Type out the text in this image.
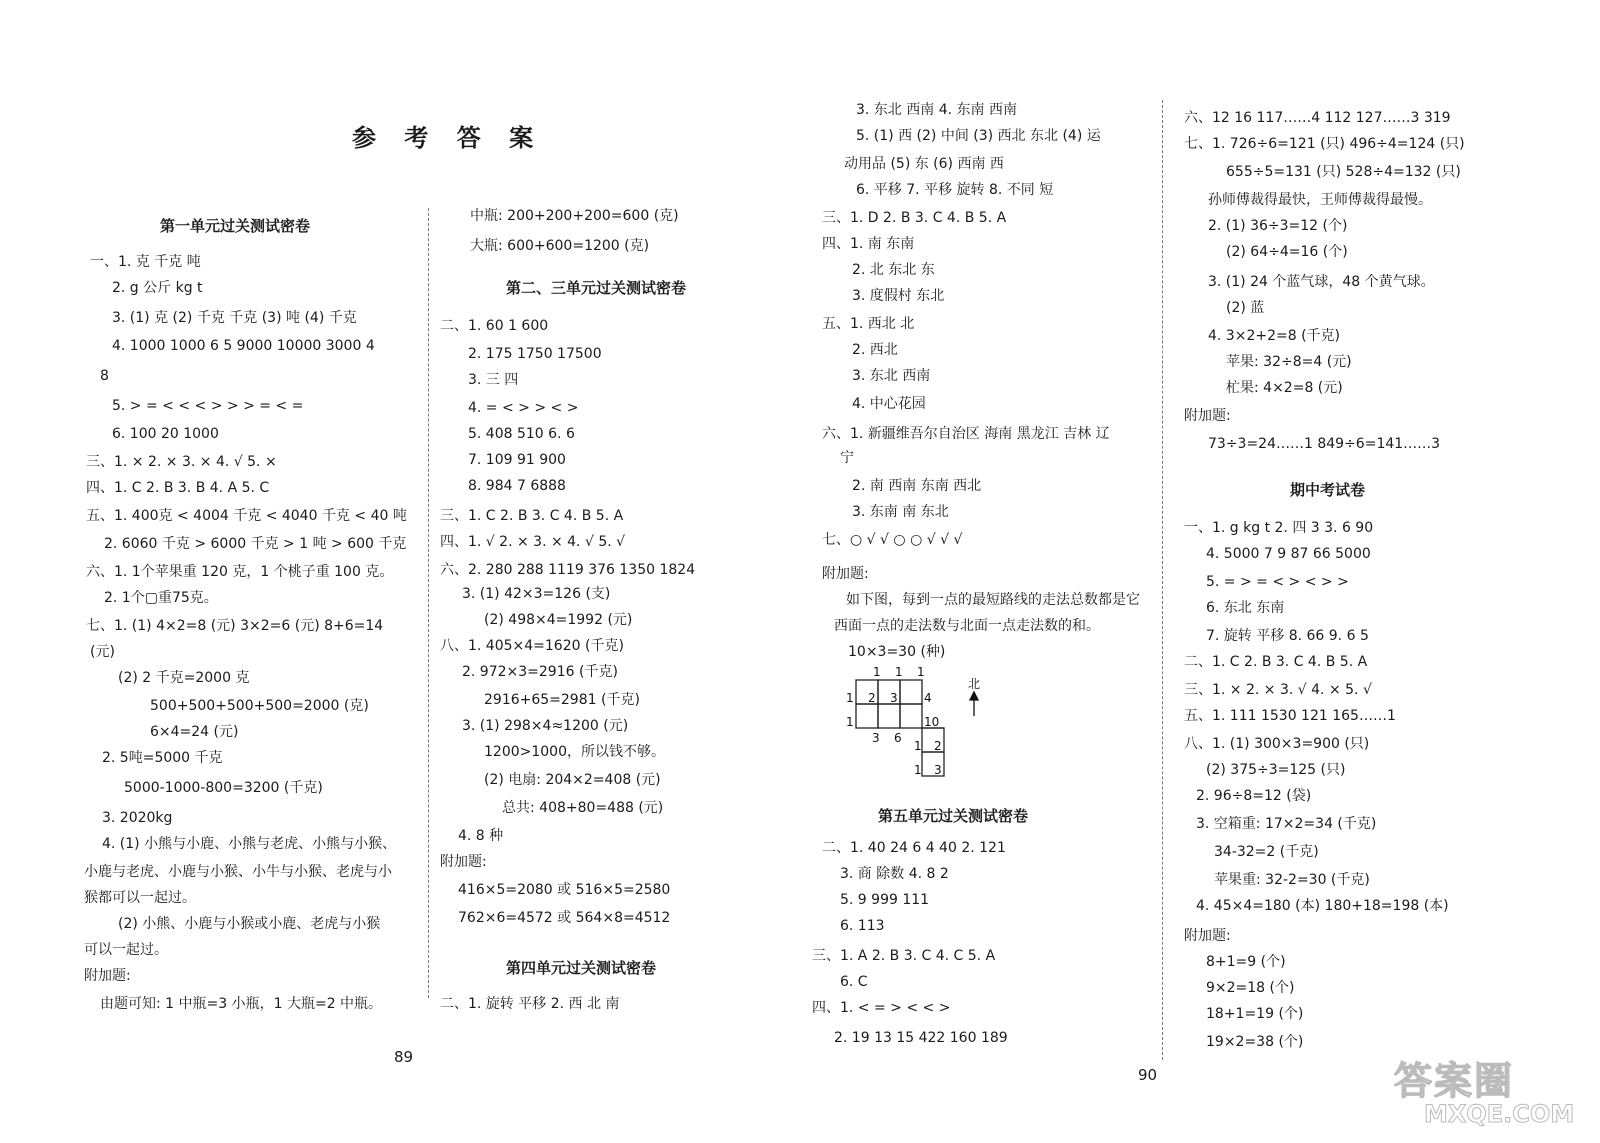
参 考 答 案
第一单元过关测试密卷
一、1. 克 千克 吨
2. g 公斤 kg t
3. (1) 克 (2) 千克 千克 (3) 吨 (4) 千克
4. 1000 1000 6 5 9000 10000 3000 4
8
5. > = < < < > > > = < =
6. 100 20 1000
三、1. × 2. × 3. × 4. √ 5. ×
四、1. C 2. B 3. B 4. A 5. C
五、1. 400克 < 4004 千克 < 4040 千克 < 40 吨
2. 6060 千克 > 6000 千克 > 1 吨 > 600 千克
六、1. 1个苹果重 120 克，1 个桃子重 100 克。
2. 1个▢重75克。
七、1. (1) 4×2=8 (元) 3×2=6 (元) 8+6=14
(元)
(2) 2 千克=2000 克
500+500+500+500=2000 (克)
6×4=24 (元)
2. 5吨=5000 千克
5000-1000-800=3200 (千克)
3. 2020kg
4. (1) 小熊与小鹿、小熊与老虎、小熊与小猴、
小鹿与老虎、小鹿与小猴、小牛与小猴、老虎与小
猴都可以一起过。
(2) 小熊、小鹿与小猴或小鹿、老虎与小猴
可以一起过。
附加题:
由题可知: 1 中瓶=3 小瓶，1 大瓶=2 中瓶。
中瓶: 200+200+200=600 (克)
大瓶: 600+600=1200 (克)
第二、三单元过关测试密卷
二、1. 60 1 600
2. 175 1750 17500
3. 三 四
4. = < > > < >
5. 408 510 6. 6
7. 109 91 900
8. 984 7 6888
三、1. C 2. B 3. C 4. B 5. A
四、1. √ 2. × 3. × 4. √ 5. √
六、2. 280 288 1119 376 1350 1824
3. (1) 42×3=126 (支)
(2) 498×4=1992 (元)
八、1. 405×4=1620 (千克)
2. 972×3=2916 (千克)
2916+65=2981 (千克)
3. (1) 298×4≈1200 (元)
1200>1000，所以钱不够。
(2) 电扇: 204×2=408 (元)
总共: 408+80=488 (元)
4. 8 种
附加题:
416×5=2080 或 516×5=2580
762×6=4572 或 564×8=4512
第四单元过关测试密卷
二、1. 旋转 平移 2. 西 北 南
3. 东北 西南 4. 东南 西南
5. (1) 西 (2) 中间 (3) 西北 东北 (4) 运
动用品 (5) 东 (6) 西南 西
6. 平移 7. 平移 旋转 8. 不同 短
三、1. D 2. B 3. C 4. B 5. A
四、1. 南 东南
2. 北 东北 东
3. 度假村 东北
五、1. 西北 北
2. 西北
3. 东北 西南
4. 中心花园
六、1. 新疆维吾尔自治区 海南 黑龙江 吉林 辽
宁
2. 南 西南 东南 西北
3. 东南 南 东北
七、○ √ √ ○ ○ √ √ √
附加题:
如下图，每到一点的最短路线的走法总数都是它
西面一点的走法数与北面一点走法数的和。
10×3=30 (种)
第五单元过关测试密卷
二、1. 40 24 6 4 40 2. 121
3. 商 除数 4. 8 2
5. 9 999 111
6. 113
三、1. A 2. B 3. C 4. C 5. A
6. C
四、1. < = > < < >
2. 19 13 15 422 160 189
六、12 16 117……4 112 127……3 319
七、1. 726÷6=121 (只) 496÷4=124 (只)
655÷5=131 (只) 528÷4=132 (只)
孙师傅裁得最快，王师傅裁得最慢。
2. (1) 36÷3=12 (个)
(2) 64÷4=16 (个)
3. (1) 24 个蓝气球，48 个黄气球。
(2) 蓝
4. 3×2+2=8 (千克)
苹果: 32÷8=4 (元)
杧果: 4×2=8 (元)
附加题:
73÷3=24……1 849÷6=141……3
期中考试卷
一、1. g kg t 2. 四 3 3. 6 90
4. 5000 7 9 87 66 5000
5. = > = < > < > >
6. 东北 东南
7. 旋转 平移 8. 66 9. 6 5
二、1. C 2. B 3. C 4. B 5. A
三、1. × 2. × 3. √ 4. × 5. √
五、1. 111 1530 121 165……1
八、1. (1) 300×3=900 (只)
(2) 375÷3=125 (只)
2. 96÷8=12 (袋)
3. 空箱重: 17×2=34 (千克)
34-32=2 (千克)
苹果重: 32-2=30 (千克)
4. 45×4=180 (本) 180+18=198 (本)
附加题:
8+1=9 (个)
9×2=18 (个)
18+1=19 (个)
19×2=38 (个)
1 1 1
1 2 3 4
1	10
3 6
1 2
1 3
北
89
90	答案圈
MXQE.COM
